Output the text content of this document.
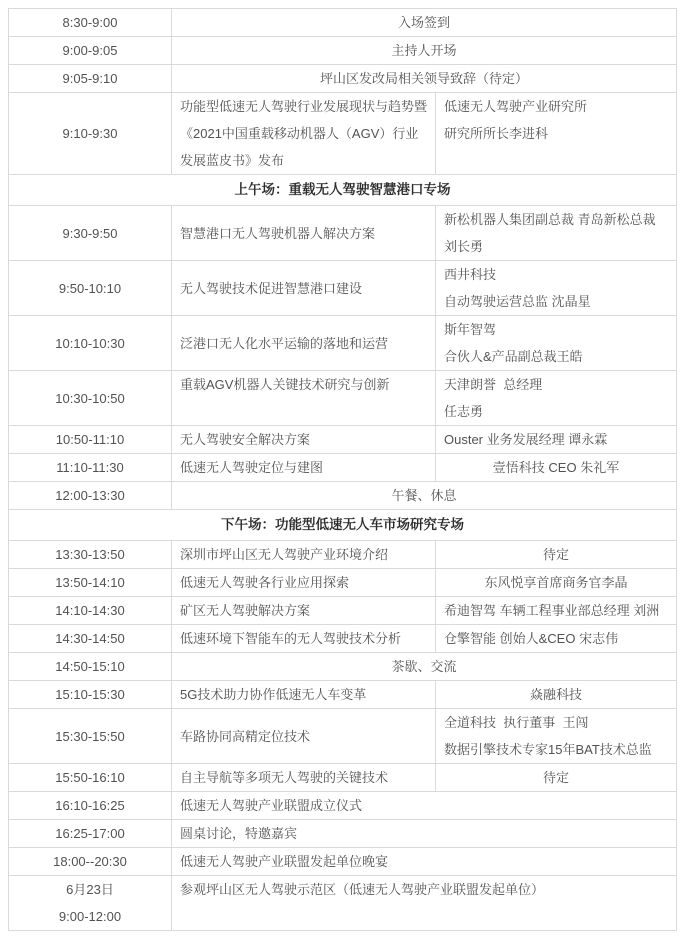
8:30-9:00	入场签到	

9:00-9:05	主持人开场	

9:05-9:10	坪山区发改局相关领导致辞（待定）	

9:10-9:30	功能型低速无人驾驶行业发展现状与趋势暨《2021中国重载移动机器人（AGV）行业发展蓝皮书》发布	低速无人驾驶产业研究所
研究所所长李进科

上午场：重载无人驾驶智慧港口专场		

9:30-9:50	智慧港口无人驾驶机器人解决方案	新松机器人集团副总裁 青岛新松总裁  刘长勇

9:50-10:10	无人驾驶技术促进智慧港口建设	西井科技
自动驾驶运营总监 沈晶星

10:10-10:30	泛港口无人化水平运输的落地和运营	斯年智驾
合伙人&产品副总裁王皓

10:30-10:50	重载AGV机器人关键技术研究与创新	天津朗誉  总经理
任志勇

10:50-11:10	无人驾驶安全解决方案	Ouster 业务发展经理 谭永霖

11:10-11:30	低速无人驾驶定位与建图	壹悟科技 CEO 朱礼军

12:00-13:30	午餐、休息	

下午场：功能型低速无人车市场研究专场		

13:30-13:50	深圳市坪山区无人驾驶产业环境介绍	待定

13:50-14:10	低速无人驾驶各行业应用探索	东风悦享首席商务官李晶

14:10-14:30	矿区无人驾驶解决方案	希迪智驾 车辆工程事业部总经理 刘洲

14:30-14:50	低速环境下智能车的无人驾驶技术分析	仓擎智能 创始人&CEO 宋志伟

14:50-15:10	茶歇、交流	

15:10-15:30	5G技术助力协作低速无人车变革	焱融科技

15:30-15:50	车路协同高精定位技术	全道科技  执行董事  王闯
数据引擎技术专家15年BAT技术总监

15:50-16:10	自主导航等多项无人驾驶的关键技术	待定

16:10-16:25	低速无人驾驶产业联盟成立仪式	

16:25-17:00	圆桌讨论，特邀嘉宾	

18:00--20:30	低速无人驾驶产业联盟发起单位晚宴	

6月23日
9:00-12:00	参观坪山区无人驾驶示范区（低速无人驾驶产业联盟发起单位）	
